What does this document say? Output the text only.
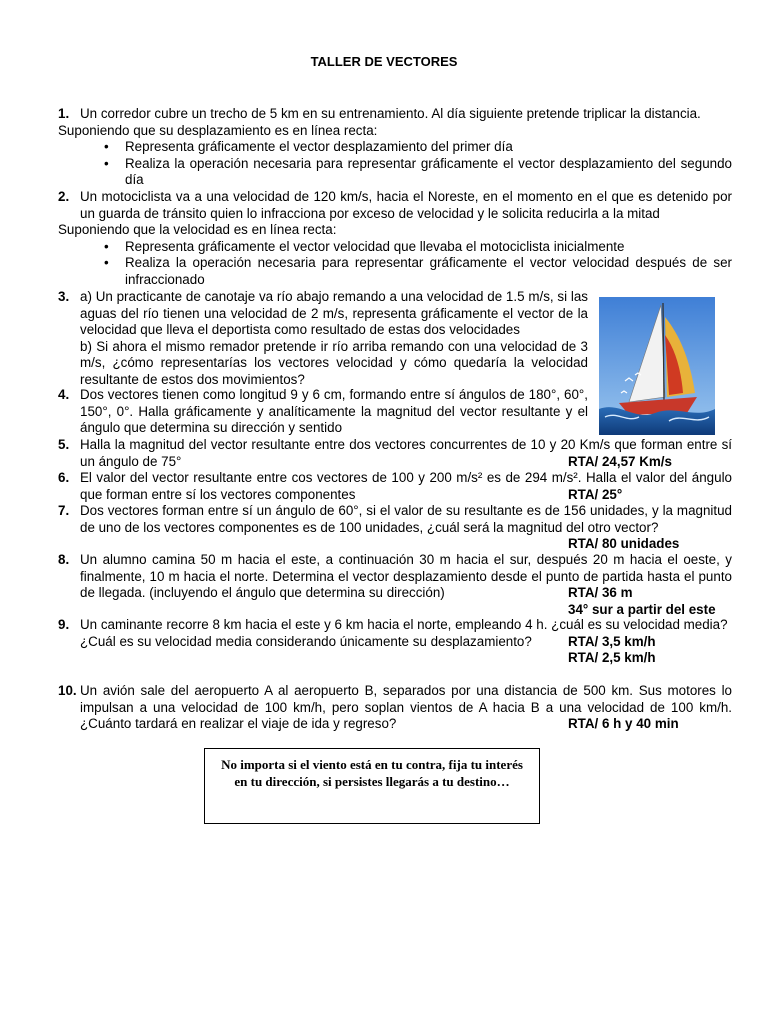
TALLER DE VECTORES
1. Un corredor cubre un trecho de 5 km en su entrenamiento. Al día siguiente pretende triplicar la distancia.
Suponiendo que su desplazamiento es en línea recta:
• Representa gráficamente el vector desplazamiento del primer día
• Realiza la operación necesaria para representar gráficamente el vector desplazamiento del segundo día
2. Un motociclista va a una velocidad de 120 km/s, hacia el Noreste, en el momento en el que es detenido por un guarda de tránsito quien lo infracciona por exceso de velocidad y le solicita reducirla a la mitad
Suponiendo que la velocidad es en línea recta:
• Representa gráficamente el vector velocidad que llevaba el motociclista inicialmente
• Realiza la operación necesaria para representar gráficamente el vector velocidad después de ser infraccionado
3. a) Un practicante de canotaje va río abajo remando a una velocidad de 1.5 m/s, si las aguas del río tienen una velocidad de 2 m/s, representa gráficamente el vector de la velocidad que lleva el deportista como resultado de estas dos velocidades
b) Si ahora el mismo remador pretende ir río arriba remando con una velocidad de 3 m/s, ¿cómo representarías los vectores velocidad y cómo quedaría la velocidad resultante de estos dos movimientos?
4. Dos vectores tienen como longitud 9 y 6 cm, formando entre sí ángulos de 180°, 60°, 150°, 0°. Halla gráficamente y analíticamente la magnitud del vector resultante y el ángulo que determina su dirección y sentido
5. Halla la magnitud del vector resultante entre dos vectores concurrentes de 10 y 20 Km/s que forman entre sí un ángulo de 75°	RTA/ 24,57 Km/s
6. El valor del vector resultante entre cos vectores de 100 y 200 m/s² es de 294 m/s². Halla el valor del ángulo que forman entre sí los vectores componentes	RTA/ 25°
7. Dos vectores forman entre sí un ángulo de 60°, si el valor de su resultante es de 156 unidades, y la magnitud de uno de los vectores componentes es de 100 unidades, ¿cuál será la magnitud del otro vector?
RTA/ 80 unidades
8. Un alumno camina 50 m hacia el este, a continuación 30 m hacia el sur, después 20 m hacia el oeste, y finalmente, 10 m hacia el norte. Determina el vector desplazamiento desde el punto de partida hasta el punto de llegada. (incluyendo el ángulo que determina su dirección)	RTA/ 36 m
34° sur a partir del este
9. Un caminante recorre 8 km hacia el este y 6 km hacia el norte, empleando 4 h. ¿cuál es su velocidad media?
RTA/ 3,5 km/h
¿Cuál es su velocidad media considerando únicamente su desplazamiento?
RTA/ 2,5 km/h
10. Un avión sale del aeropuerto A al aeropuerto B, separados por una distancia de 500 km. Sus motores lo impulsan a una velocidad de 100 km/h, pero soplan vientos de A hacia B a una velocidad de 100 km/h. ¿Cuánto tardará en realizar el viaje de ida y regreso?	RTA/ 6 h y 40 min
No importa si el viento está en tu contra, fija tu interés en tu dirección, si persistes llegarás a tu destino…
